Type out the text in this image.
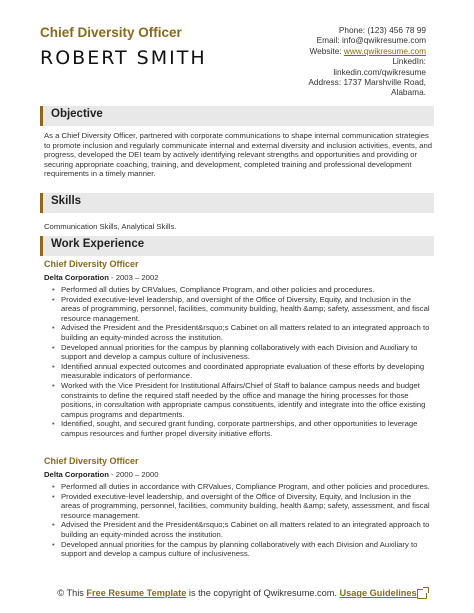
Chief Diversity Officer
ROBERT SMITH
Phone: (123) 456 78 99
Email: info@qwikresume.com
Website: www.qwikresume.com
LinkedIn:
linkedin.com/qwikresume
Address: 1737 Marshville Road,
Alabama.
Objective
As a Chief Diversity Officer, partnered with corporate communications to shape internal communication strategies to promote inclusion and regularly communicate internal and external diversity and inclusion activities, events, and progress, developed the DEI team by actively identifying relevant strengths and opportunities and providing or securing appropriate coaching, training, and development, completed training and professional development requirements in a timely manner.
Skills
Communication Skills, Analytical Skills.
Work Experience
Chief Diversity Officer
Delta Corporation - 2003 – 2002
• Performed all duties by CRValues, Compliance Program, and other policies and procedures.
• Provided executive-level leadership, and oversight of the Office of Diversity, Equity, and Inclusion in the areas of programming, personnel, facilities, community building, health &amp; safety, assessment, and fiscal resource management.
• Advised the President and the President&rsquo;s Cabinet on all matters related to an integrated approach to building an equity-minded across the institution.
• Developed annual priorities for the campus by planning collaboratively with each Division and Auxiliary to support and develop a campus culture of inclusiveness.
• Identified annual expected outcomes and coordinated appropriate evaluation of these efforts by developing measurable indicators of performance.
• Worked with the Vice President for Institutional Affairs/Chief of Staff to balance campus needs and budget constraints to define the required staff needed by the office and manage the hiring processes for those positions, in consultation with appropriate campus constituents, identify and integrate into the office existing campus programs and departments.
• Identified, sought, and secured grant funding, corporate partnerships, and other opportunities to leverage campus resources and further propel diversity initiative efforts.
Chief Diversity Officer
Delta Corporation - 2000 – 2000
• Performed all duties in accordance with CRValues, Compliance Program, and other policies and procedures.
• Provided executive-level leadership, and oversight of the Office of Diversity, Equity, and Inclusion in the areas of programming, personnel, facilities, community building, health &amp; safety, assessment, and fiscal resource management.
• Advised the President and the President&rsquo;s Cabinet on all matters related to an integrated approach to building an equity-minded across the institution.
• Developed annual priorities for the campus by planning collaboratively with each Division and Auxiliary to support and develop a campus culture of inclusiveness.
© This Free Resume Template is the copyright of Qwikresume.com. Usage Guidelines
